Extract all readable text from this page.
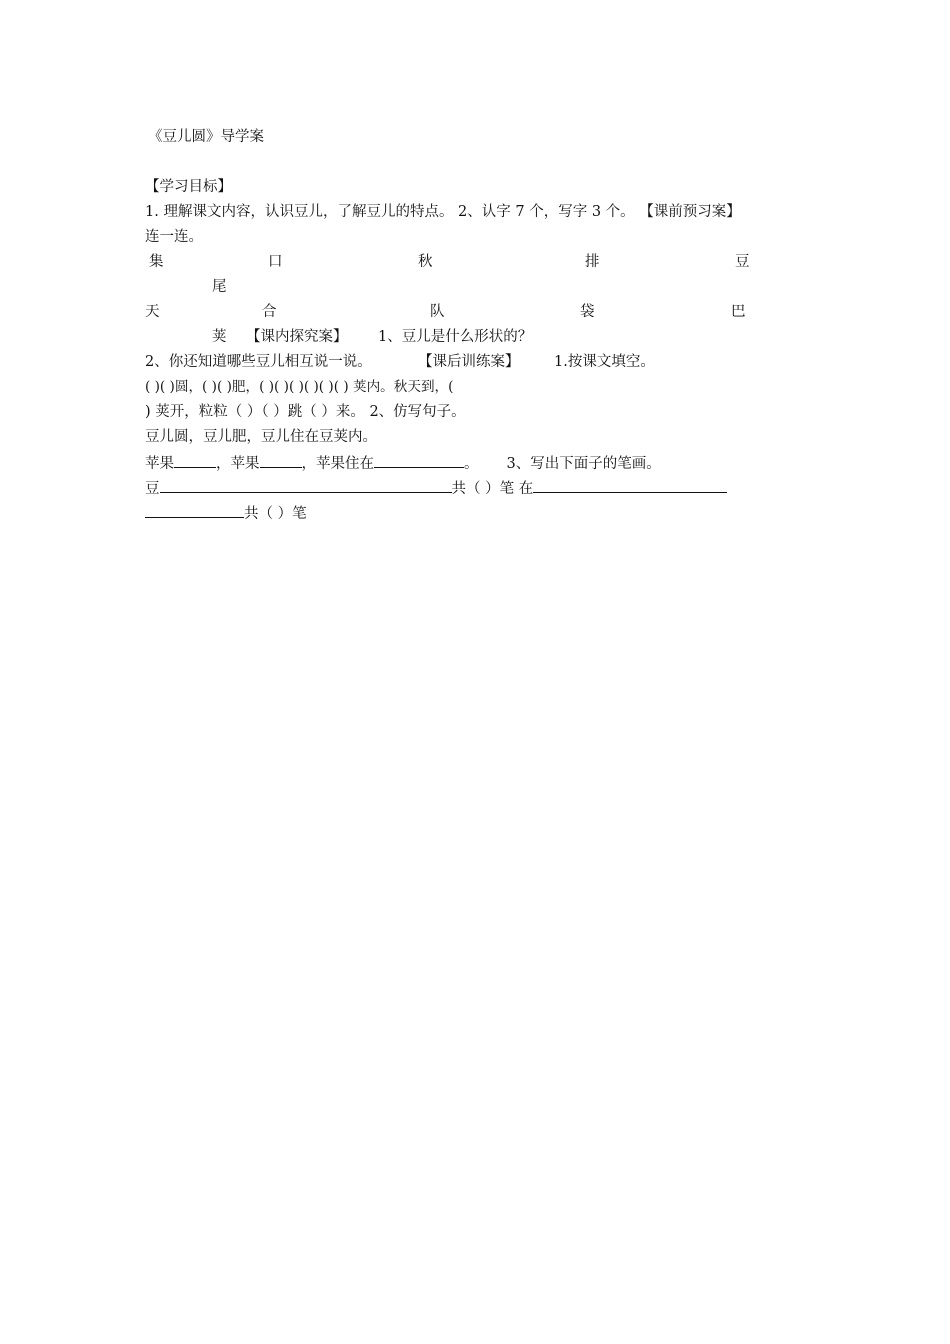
《豆儿圆》导学案
【学习目标】
1. 理解课文内容，认识豆儿，了解豆儿的特点。 2、认字 7 个，写字 3 个。 【课前预习案】
连一连。
集	口	秋	排	豆
尾
天	合	队	袋	巴
荚 【课内探究案】 1、豆儿是什么形状的？
2、你还知道哪些豆儿相互说一说。	【课后训练案】 1.按课文填空。
( )( )圆，( )( )肥，( )( )( )( )( )( ) 荚内。秋天到，(
) 荚开，粒粒（ ）（ ）跳（ ）来。 2、仿写句子。
豆儿圆，豆儿肥，豆儿住在豆荚内。
苹果	，苹果	，苹果住在	。 3、写出下面子的笔画。
豆	共（ ）笔 在
共（ ）笔
